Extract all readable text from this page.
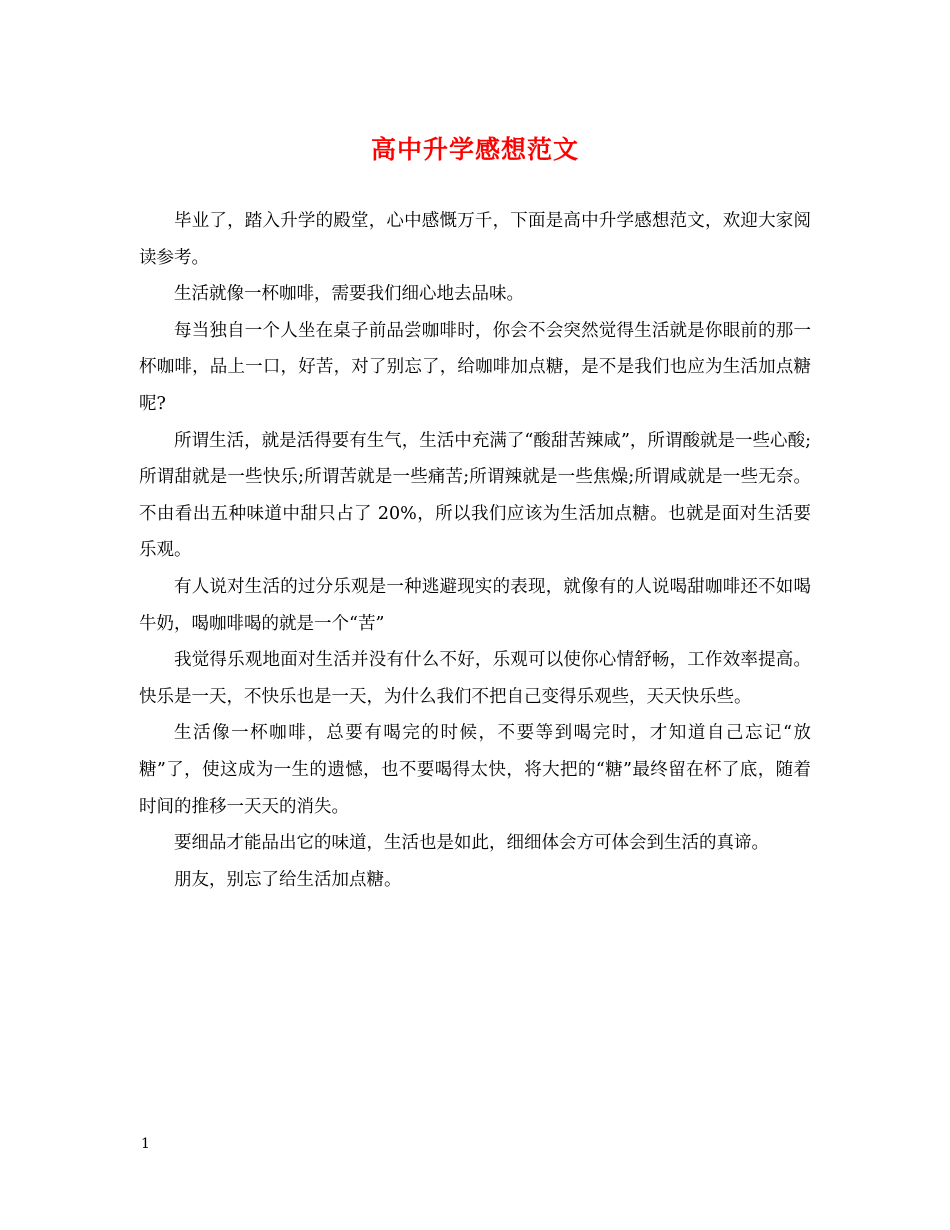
高中升学感想范文

毕业了，踏入升学的殿堂，心中感慨万千，下面是高中升学感想范文，欢迎大家阅读参考。

生活就像一杯咖啡，需要我们细心地去品味。

每当独自一个人坐在桌子前品尝咖啡时，你会不会突然觉得生活就是你眼前的那一杯咖啡，品上一口，好苦，对了别忘了，给咖啡加点糖，是不是我们也应为生活加点糖呢?

所谓生活，就是活得要有生气，生活中充满了“酸甜苦辣咸”，所谓酸就是一些心酸;所谓甜就是一些快乐;所谓苦就是一些痛苦;所谓辣就是一些焦燥;所谓咸就是一些无奈。不由看出五种味道中甜只占了 20%，所以我们应该为生活加点糖。也就是面对生活要乐观。

有人说对生活的过分乐观是一种逃避现实的表现，就像有的人说喝甜咖啡还不如喝牛奶，喝咖啡喝的就是一个“苦”

我觉得乐观地面对生活并没有什么不好，乐观可以使你心情舒畅，工作效率提高。快乐是一天，不快乐也是一天，为什么我们不把自己变得乐观些，天天快乐些。

生活像一杯咖啡，总要有喝完的时候，不要等到喝完时，才知道自己忘记“放糖”了，使这成为一生的遗憾，也不要喝得太快，将大把的“糖”最终留在杯了底，随着时间的推移一天天的消失。

要细品才能品出它的味道，生活也是如此，细细体会方可体会到生活的真谛。

朋友，别忘了给生活加点糖。

1
